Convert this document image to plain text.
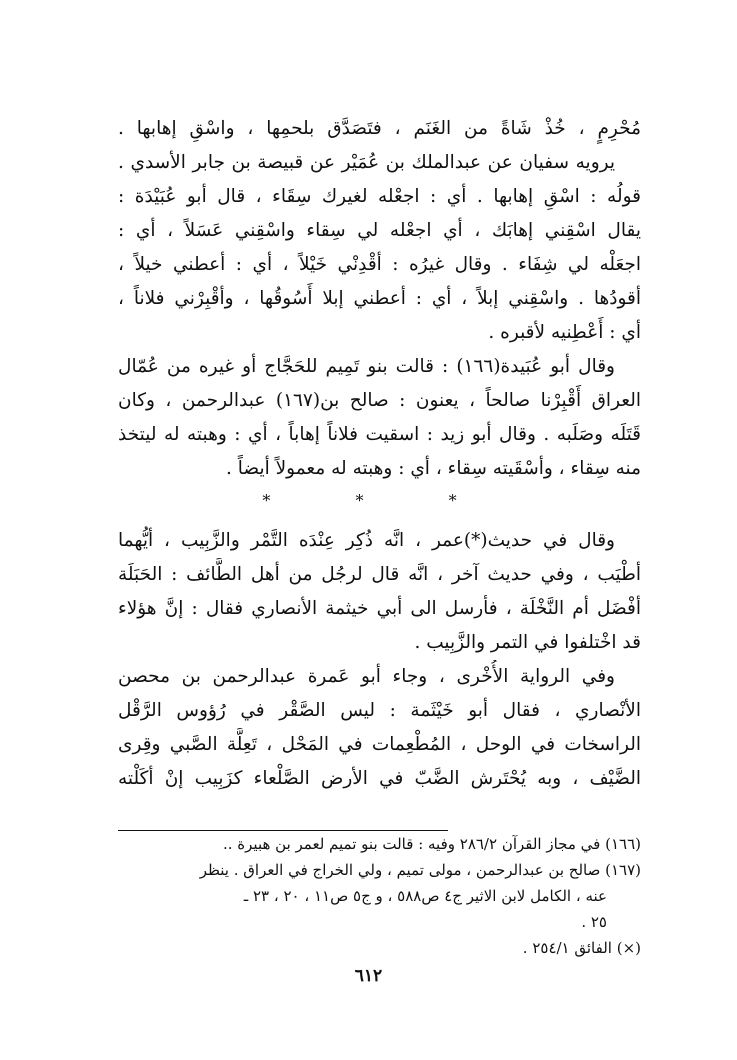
مُحْرِمٍ ، خُذْ شَاةً من الغَنَم ، فتَصَدَّق بلحمِها ، واسْقِ إهابها .
يرويه سفيان عن عبدالملك بن عُمَيْر عن قبيصة بن جابر الأسدي .
قولُه : اسْقِ إهابها . أي : اجعْله لغيرك سِقَاء ، قال أبو عُبَيْدَة :
يقال اسْقِني إهابَك ، أي اجعْله لي سِقاء واسْقِني عَسَلاً ، أي :
اجعَلْه لي شِفَاء . وقال غيرُه : أقْدِنْي خَيْلاً ، أي : أعطني خيلاً ،
أقودُها . واسْقِني إبلاً ، أي : أعطني إبلا أَسُوقُها ، وأقْبِرْني فلاناً ،
أي : أَعْطِنيه لأقبره .
وقال أبو عُبَيدة(١٦٦) : قالت بنو تَمِيم للحَجَّاج أو غيره من عُمّال
العراق أَقْبِرْنا صالحاً ، يعنون : صالح بن(١٦٧) عبدالرحمن ، وكان
قَتَلَه وصَلَبه . وقال أبو زيد : اسقيت فلاناً إهاباً ، أي : وهبته له ليتخذ
منه سِقاء ، وأسْقَيته سِقاء ، أي : وهبته له معمولاً أيضاً .
*	*	*
وقال في حديث(*)عمر ، انَّه ذُكِر عِنْدَه التَّمْر والزَّبِيب ، أيُّهما
أطْيَب ، وفي حديث آخر ، انَّه قال لرجُل من أهل الطَّائف : الحَبَلَة
أفْضَل أم النَّخْلَة ، فأرسل الى أبي خيثمة الأنصاري فقال : إنَّ هؤلاء
قد اخْتلفوا في التمر والزَّبِيب .
وفي الرواية الأُخْرى ، وجاء أبو عَمرة عبدالرحمن بن محصن
الأنْصاري ، فقال أبو خَيْثَمة : ليس الصَّقْر في رُؤوس الرَّقْل
الراسخات في الوحل ، المُطْعِمات في المَحْل ، تَعِلَّة الصَّبي وقِرى
الضَّيْف ، وبه يُحْتَرش الضَّبّ في الأرض الصَّلْعاء كزَبِيب إنْ أكَلْته
(١٦٦) في مجاز القرآن ٢٨٦/٢ وفيه : قالت بنو تميم لعمر بن هبيرة ..
(١٦٧) صالح بن عبدالرحمن ، مولى تميم ، ولي الخراج في العراق . ينظر
عنه ، الكامل لابن الاثير ج٤ ص٥٨٨ ، و ج٥ ص١١ ، ٢٠ ، ٢٣ ـ
٢٥ .
(×) الفائق ٢٥٤/١ .
٦١٢
